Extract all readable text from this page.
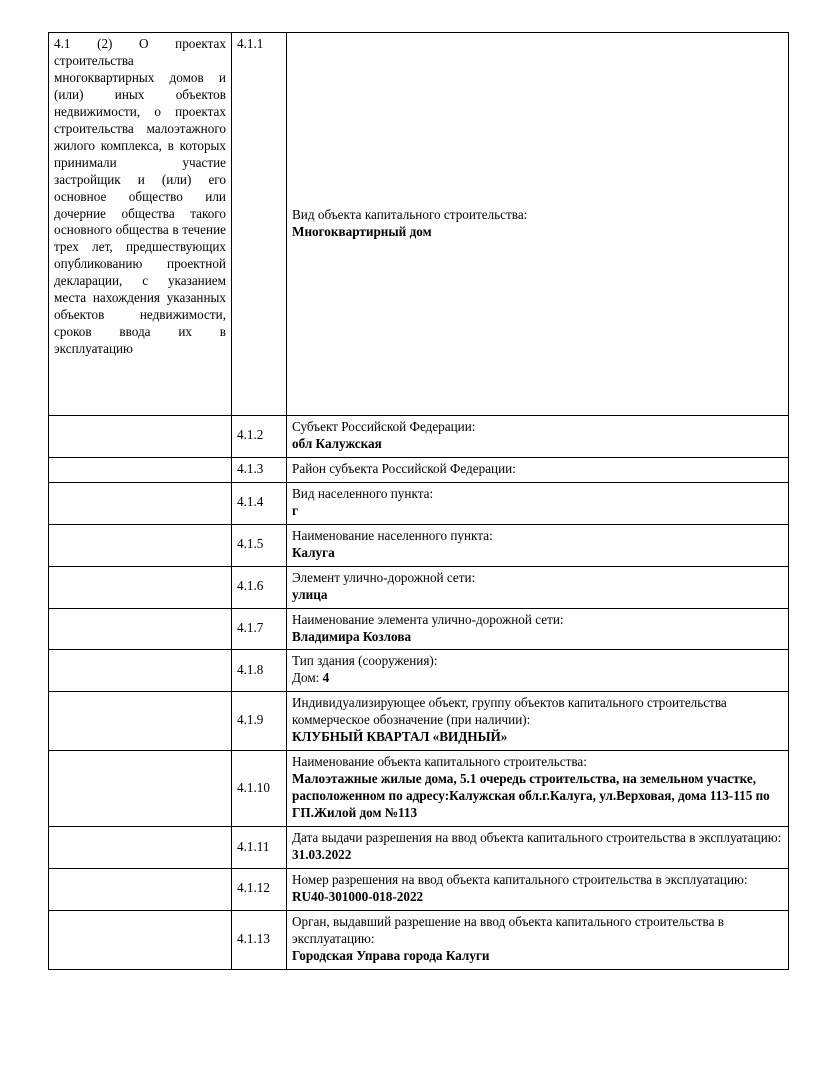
4.1 (2) О проектах строительства многоквартирных домов и (или) иных объектов недвижимости, о проектах строительства малоэтажного жилого комплекса, в которых принимали участие застройщик и (или) его основное общество или дочерние общества такого основного общества в течение трех лет, предшествующих опубликованию проектной декларации, с указанием места нахождения указанных объектов недвижимости, сроков ввода их в эксплуатацию	4.1.1	Вид объекта капитального строительства:
Многоквартирный дом

	4.1.2	Субъект Российской Федерации:
обл Калужская

	4.1.3	Район субъекта Российской Федерации:

	4.1.4	Вид населенного пункта:
г

	4.1.5	Наименование населенного пункта:
Калуга

	4.1.6	Элемент улично-дорожной сети:
улица

	4.1.7	Наименование элемента улично-дорожной сети:
Владимира Козлова

	4.1.8	Тип здания (сооружения):
Дом: 4
	4.1.9	Индивидуализирующее объект, группу объектов капитального строительства коммерческое обозначение (при наличии):
КЛУБНЫЙ КВАРТАЛ «ВИДНЫЙ»

	4.1.10	Наименование объекта капитального строительства:
Малоэтажные жилые дома, 5.1 очередь строительства, на земельном участке, расположенном по адресу:Калужская обл.г.Калуга, ул.Верховая, дома 113-115 по ГП.Жилой дом №113

	4.1.11	Дата выдачи разрешения на ввод объекта капитального строительства в эксплуатацию:
31.03.2022

	4.1.12	Номер разрешения на ввод объекта капитального строительства в эксплуатацию:
RU40-301000-018-2022

	4.1.13	Орган, выдавший разрешение на ввод объекта капитального строительства в эксплуатацию:
Городская Управа города Калуги
